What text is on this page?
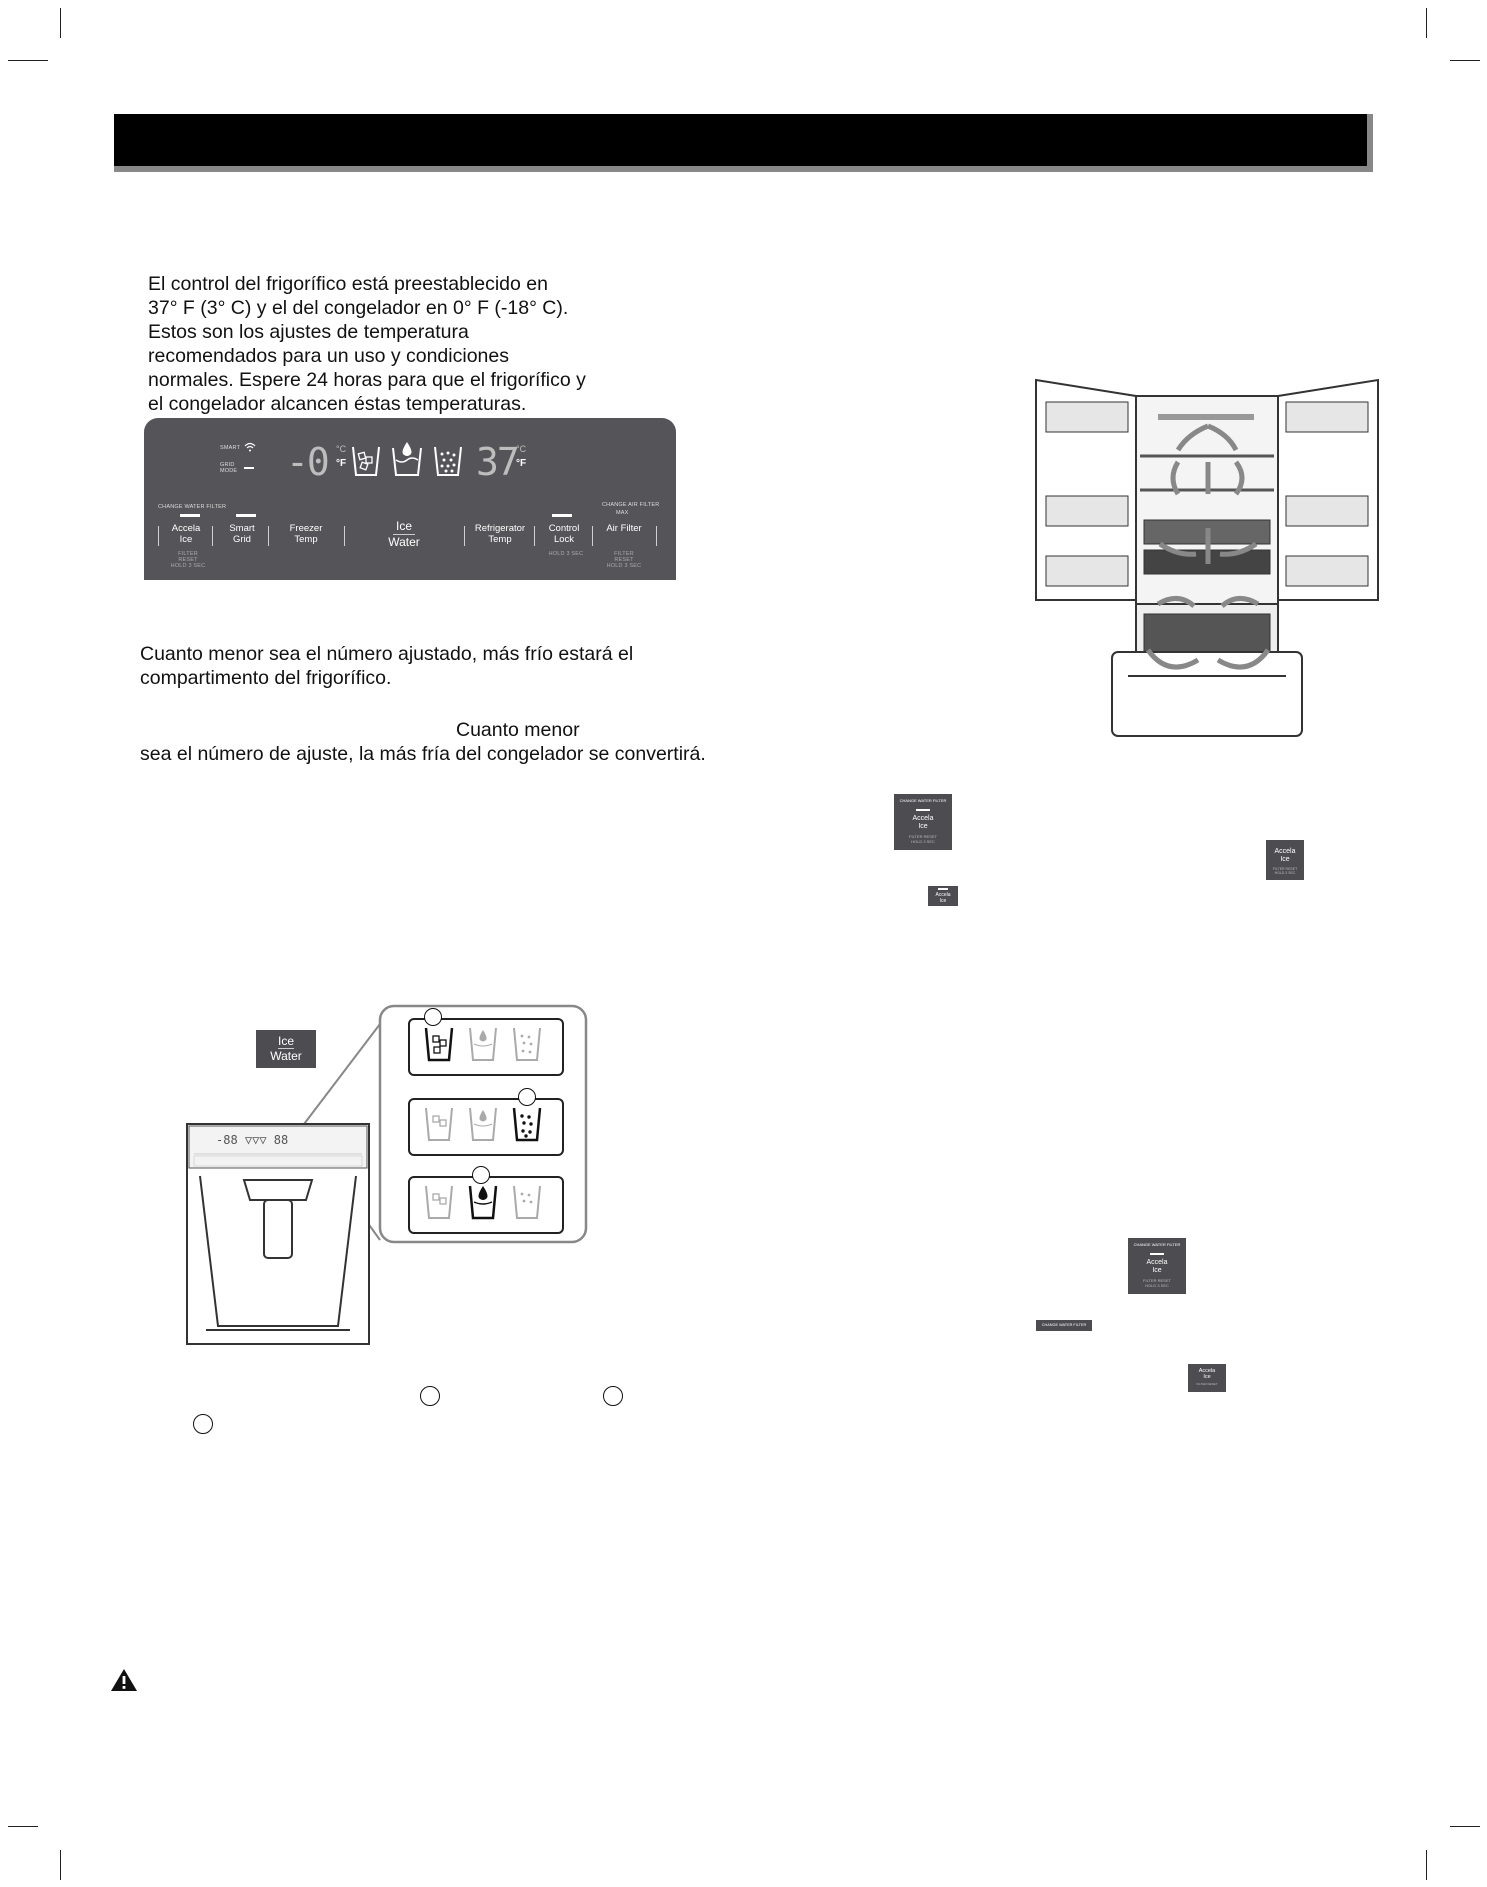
El control del frigorífico está preestablecido en
37° F (3° C) y el del congelador en 0° F (-18° C).
Estos son los ajustes de temperatura
recomendados para un uso y condiciones
normales. Espere 24 horas para que el frigorífico y
el congelador alcancen éstas temperaturas.
SMART
GRID MODE -0 °C
°F	37
°C
°F
CHANGE WATER FILTER	CHANGE AIR FILTER
MAX
Accela Ice
Smart Grid
Freezer Temp
Ice
Water
Refrigerator Temp
Control Lock
Air Filter
FILTER RESET HOLD 3 SEC
HOLD 3 SEC	FILTER RESET HOLD 3 SEC
Cuanto menor sea el número ajustado, más frío estará el
compartimento del frigorífico.
Cuanto menor
sea el número de ajuste, la más fría del congelador se convertirá.
CHANGE WATER FILTER
Accela
Ice
FILTER RESET
HOLD 3 SEC
Accela
Ice
FILTER RESET
HOLD 3 SEC
Accela
Ice
CHANGE WATER FILTER
Accela
Ice
FILTER RESET
HOLD 3 SEC
CHANGE WATER FILTER
Accela
Ice
FILTER RESET
Ice
Water
-88 ▽▽▽ 88
